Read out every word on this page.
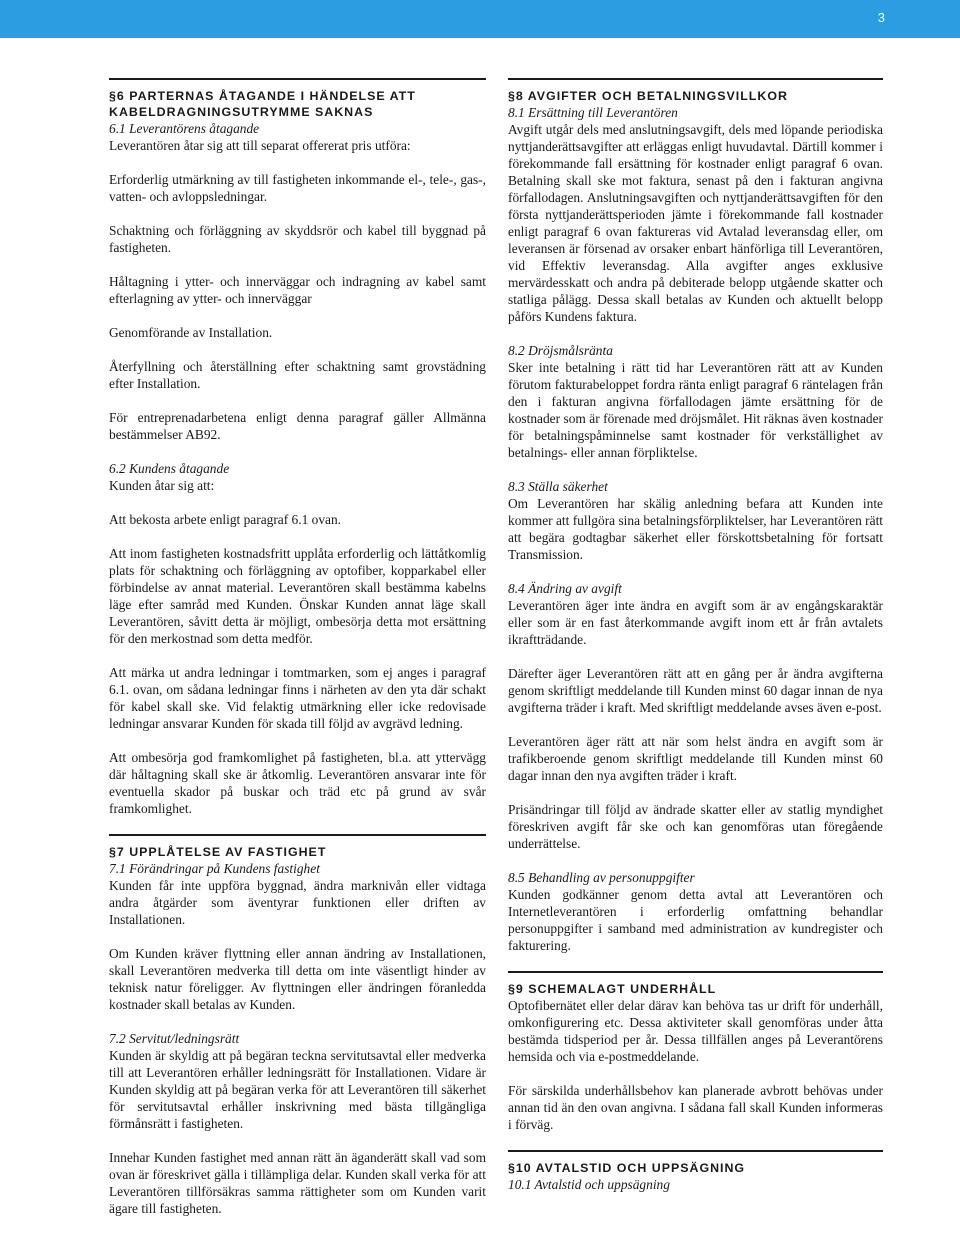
3
§6 PARTERNAS ÅTAGANDE I HÄNDELSE ATT KABELDRAGNINGSUTRYMME SAKNAS
6.1 Leverantörens åtagande

Leverantören åtar sig att till separat offererat pris utföra:

Erforderlig utmärkning av till fastigheten inkommande el-, tele-, gas-, vatten- och avloppsledningar.

Schaktning och förläggning av skyddsrör och kabel till byggnad på fastigheten.

Håltagning i ytter- och innerväggar och indragning av kabel samt efterlagning av ytter- och innerväggar

Genomförande av Installation.

Återfyllning och återställning efter schaktning samt grovstädning efter Installation.

För entreprenadarbetena enligt denna paragraf gäller Allmänna bestämmelser AB92.

6.2 Kundens åtagande

Kunden åtar sig att:

Att bekosta arbete enligt paragraf 6.1 ovan.

Att inom fastigheten kostnadsfritt upplåta erforderlig och lättåtkomlig plats för schaktning och förläggning av optofiber, kopparkabel eller förbindelse av annat material. Leverantören skall bestämma kabelns läge efter samråd med Kunden. Önskar Kunden annat läge skall Leverantören, såvitt detta är möjligt, ombesörja detta mot ersättning för den merkostnad som detta medför.

Att märka ut andra ledningar i tomtmarken, som ej anges i paragraf 6.1. ovan, om sådana ledningar finns i närheten av den yta där schakt för kabel skall ske. Vid felaktig utmärkning eller icke redovisade ledningar ansvarar Kunden för skada till följd av avgrävd ledning.

Att ombesörja god framkomlighet på fastigheten, bl.a. att yttervägg där håltagning skall ske är åtkomlig. Leverantören ansvarar inte för eventuella skador på buskar och träd etc på grund av svår framkomlighet.

§7 UPPLÅTELSE AV FASTIGHET
7.1 Förändringar på Kundens fastighet

Kunden får inte uppföra byggnad, ändra marknivån eller vidtaga andra åtgärder som äventyrar funktionen eller driften av Installationen.

Om Kunden kräver flyttning eller annan ändring av Installationen, skall Leverantören medverka till detta om inte väsentligt hinder av teknisk natur föreligger. Av flyttningen eller ändringen föranledda kostnader skall betalas av Kunden.

7.2 Servitut/ledningsrätt

Kunden är skyldig att på begäran teckna servitutsavtal eller medverka till att Leverantören erhåller ledningsrätt för Installationen. Vidare är Kunden skyldig att på begäran verka för att Leverantören till säkerhet för servitutsavtal erhåller inskrivning med bästa tillgängliga förmånsrätt i fastigheten.

Innehar Kunden fastighet med annan rätt än äganderätt skall vad som ovan är föreskrivet gälla i tillämpliga delar. Kunden skall verka för att Leverantören tillförsäkras samma rättigheter som om Kunden varit ägare till fastigheten.

§8 AVGIFTER OCH BETALNINGSVILLKOR
8.1 Ersättning till Leverantören

Avgift utgår dels med anslutningsavgift, dels med löpande periodiska nyttjanderättsavgifter att erläggas enligt huvudavtal. Därtill kommer i förekommande fall ersättning för kostnader enligt paragraf 6 ovan. Betalning skall ske mot faktura, senast på den i fakturan angivna förfallodagen. Anslutningsavgiften och nyttjanderättsavgiften för den första nyttjanderättsperioden jämte i förekommande fall kostnader enligt paragraf 6 ovan faktureras vid Avtalad leveransdag eller, om leveransen är försenad av orsaker enbart hänförliga till Leverantören, vid Effektiv leveransdag. Alla avgifter anges exklusive mervärdesskatt och andra på debiterade belopp utgående skatter och statliga pålägg. Dessa skall betalas av Kunden och aktuellt belopp påförs Kundens faktura.

8.2 Dröjsmålsränta

Sker inte betalning i rätt tid har Leverantören rätt att av Kunden förutom fakturabeloppet fordra ränta enligt paragraf 6 räntelagen från den i fakturan angivna förfallodagen jämte ersättning för de kostnader som är förenade med dröjsmålet. Hit räknas även kostnader för betalningspåminnelse samt kostnader för verkställighet av betalnings- eller annan förpliktelse.

8.3 Ställa säkerhet

Om Leverantören har skälig anledning befara att Kunden inte kommer att fullgöra sina betalningsförpliktelser, har Leverantören rätt att begära godtagbar säkerhet eller förskottsbetalning för fortsatt Transmission.

8.4 Ändring av avgift

Leverantören äger inte ändra en avgift som är av engångskaraktär eller som är en fast återkommande avgift inom ett år från avtalets ikraftträdande.

Därefter äger Leverantören rätt att en gång per år ändra avgifterna genom skriftligt meddelande till Kunden minst 60 dagar innan de nya avgifterna träder i kraft. Med skriftligt meddelande avses även e-post.

Leverantören äger rätt att när som helst ändra en avgift som är trafikberoende genom skriftligt meddelande till Kunden minst 60 dagar innan den nya avgiften träder i kraft.

Prisändringar till följd av ändrade skatter eller av statlig myndighet föreskriven avgift får ske och kan genomföras utan föregående underrättelse.

8.5 Behandling av personuppgifter

Kunden godkänner genom detta avtal att Leverantören och Internetleverantören i erforderlig omfattning behandlar personuppgifter i samband med administration av kundregister och fakturering.

§9 SCHEMALAGT UNDERHÅLL

Optofibernätet eller delar därav kan behöva tas ur drift för underhåll, omkonfigurering etc. Dessa aktiviteter skall genomföras under åtta bestämda tidsperiod per år. Dessa tillfällen anges på Leverantörens hemsida och via e-postmeddelande.

För särskilda underhållsbehov kan planerade avbrott behövas under annan tid än den ovan angivna. I sådana fall skall Kunden informeras i förväg.

§10 AVTALSTID OCH UPPSÄGNING
10.1 Avtalstid och uppsägning
